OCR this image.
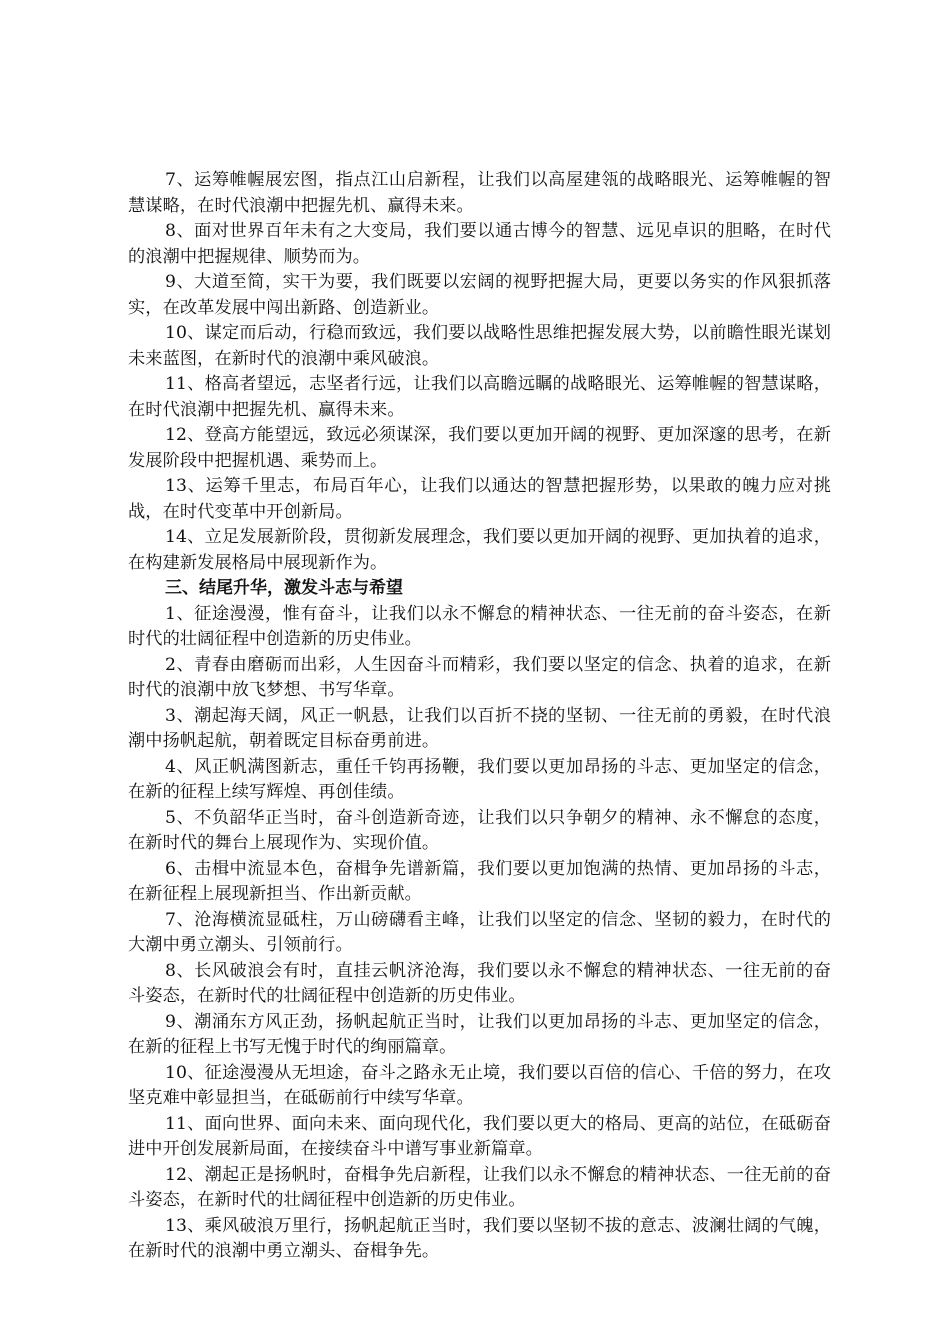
7、运筹帷幄展宏图，指点江山启新程，让我们以高屋建瓴的战略眼光、运筹帷幄的智慧谋略，在时代浪潮中把握先机、赢得未来。

8、面对世界百年未有之大变局，我们要以通古博今的智慧、远见卓识的胆略，在时代的浪潮中把握规律、顺势而为。

9、大道至简，实干为要，我们既要以宏阔的视野把握大局，更要以务实的作风狠抓落实，在改革发展中闯出新路、创造新业。

10、谋定而后动，行稳而致远，我们要以战略性思维把握发展大势，以前瞻性眼光谋划未来蓝图，在新时代的浪潮中乘风破浪。

11、格高者望远，志坚者行远，让我们以高瞻远瞩的战略眼光、运筹帷幄的智慧谋略，在时代浪潮中把握先机、赢得未来。

12、登高方能望远，致远必须谋深，我们要以更加开阔的视野、更加深邃的思考，在新发展阶段中把握机遇、乘势而上。

13、运筹千里志，布局百年心，让我们以通达的智慧把握形势，以果敢的魄力应对挑战，在时代变革中开创新局。

14、立足发展新阶段，贯彻新发展理念，我们要以更加开阔的视野、更加执着的追求，在构建新发展格局中展现新作为。

三、结尾升华，激发斗志与希望

1、征途漫漫，惟有奋斗，让我们以永不懈怠的精神状态、一往无前的奋斗姿态，在新时代的壮阔征程中创造新的历史伟业。

2、青春由磨砺而出彩，人生因奋斗而精彩，我们要以坚定的信念、执着的追求，在新时代的浪潮中放飞梦想、书写华章。

3、潮起海天阔，风正一帆悬，让我们以百折不挠的坚韧、一往无前的勇毅，在时代浪潮中扬帆起航，朝着既定目标奋勇前进。

4、风正帆满图新志，重任千钧再扬鞭，我们要以更加昂扬的斗志、更加坚定的信念，在新的征程上续写辉煌、再创佳绩。

5、不负韶华正当时，奋斗创造新奇迹，让我们以只争朝夕的精神、永不懈怠的态度，在新时代的舞台上展现作为、实现价值。

6、击楫中流显本色，奋楫争先谱新篇，我们要以更加饱满的热情、更加昂扬的斗志，在新征程上展现新担当、作出新贡献。

7、沧海横流显砥柱，万山磅礴看主峰，让我们以坚定的信念、坚韧的毅力，在时代的大潮中勇立潮头、引领前行。

8、长风破浪会有时，直挂云帆济沧海，我们要以永不懈怠的精神状态、一往无前的奋斗姿态，在新时代的壮阔征程中创造新的历史伟业。

9、潮涌东方风正劲，扬帆起航正当时，让我们以更加昂扬的斗志、更加坚定的信念，在新的征程上书写无愧于时代的绚丽篇章。

10、征途漫漫从无坦途，奋斗之路永无止境，我们要以百倍的信心、千倍的努力，在攻坚克难中彰显担当，在砥砺前行中续写华章。

11、面向世界、面向未来、面向现代化，我们要以更大的格局、更高的站位，在砥砺奋进中开创发展新局面，在接续奋斗中谱写事业新篇章。

12、潮起正是扬帆时，奋楫争先启新程，让我们以永不懈怠的精神状态、一往无前的奋斗姿态，在新时代的壮阔征程中创造新的历史伟业。

13、乘风破浪万里行，扬帆起航正当时，我们要以坚韧不拔的意志、波澜壮阔的气魄，在新时代的浪潮中勇立潮头、奋楫争先。
